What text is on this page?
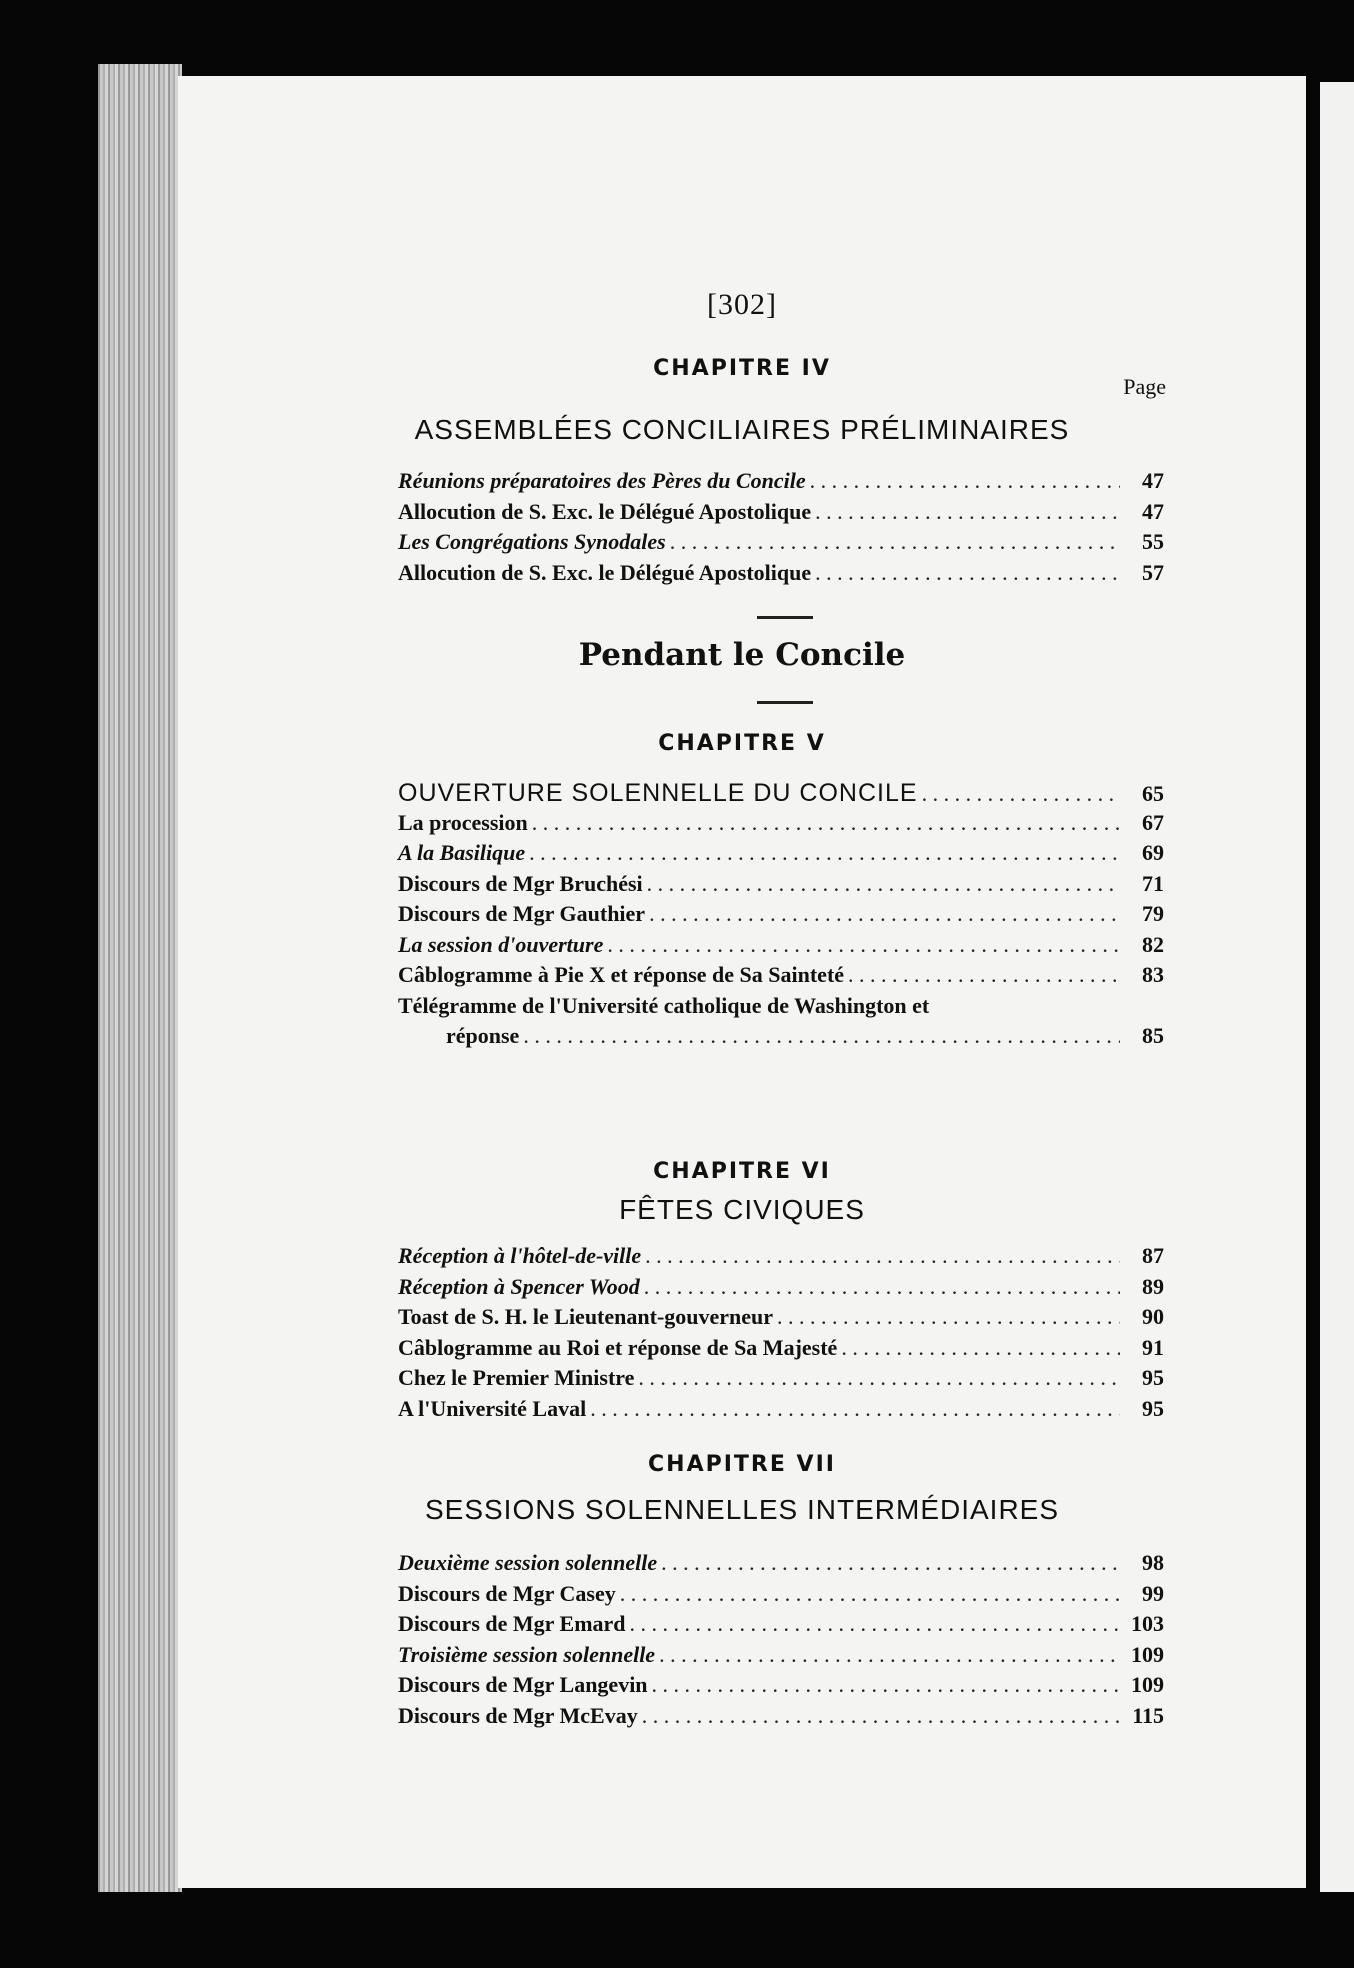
[302]
CHAPITRE IV
Page
ASSEMBLÉES CONCILIAIRES PRÉLIMINAIRES
Réunions préparatoires des Pères du Concile . . .	47
Allocution de S. Exc. le Délégué Apostolique . . .	47
Les Congrégations Synodales . . .	55
Allocution de S. Exc. le Délégué Apostolique . . .	57
Pendant le Concile
CHAPITRE V
OUVERTURE SOLENNELLE DU CONCILE . . .	65
La procession . . .	67
A la Basilique . . .	69
Discours de Mgr Bruchési . . .	71
Discours de Mgr Gauthier . . .	79
La session d'ouverture . . .	82
Câblogramme à Pie X et réponse de Sa Sainteté . . .	83
Télégramme de l'Université catholique de Washington et
réponse . . .	85
CHAPITRE VI
FÊTES CIVIQUES
Réception à l'hôtel-de-ville . . .	87
Réception à Spencer Wood . . .	89
Toast de S. H. le Lieutenant-gouverneur . . .	90
Câblogramme au Roi et réponse de Sa Majesté . . .	91
Chez le Premier Ministre . . .	95
A l'Université Laval . . .	95
CHAPITRE VII
SESSIONS SOLENNELLES INTERMÉDIAIRES
Deuxième session solennelle . . .	98
Discours de Mgr Casey . . .	99
Discours de Mgr Emard . . .	103
Troisième session solennelle . . .	109
Discours de Mgr Langevin . . .	109
Discours de Mgr McEvay . . .	115
